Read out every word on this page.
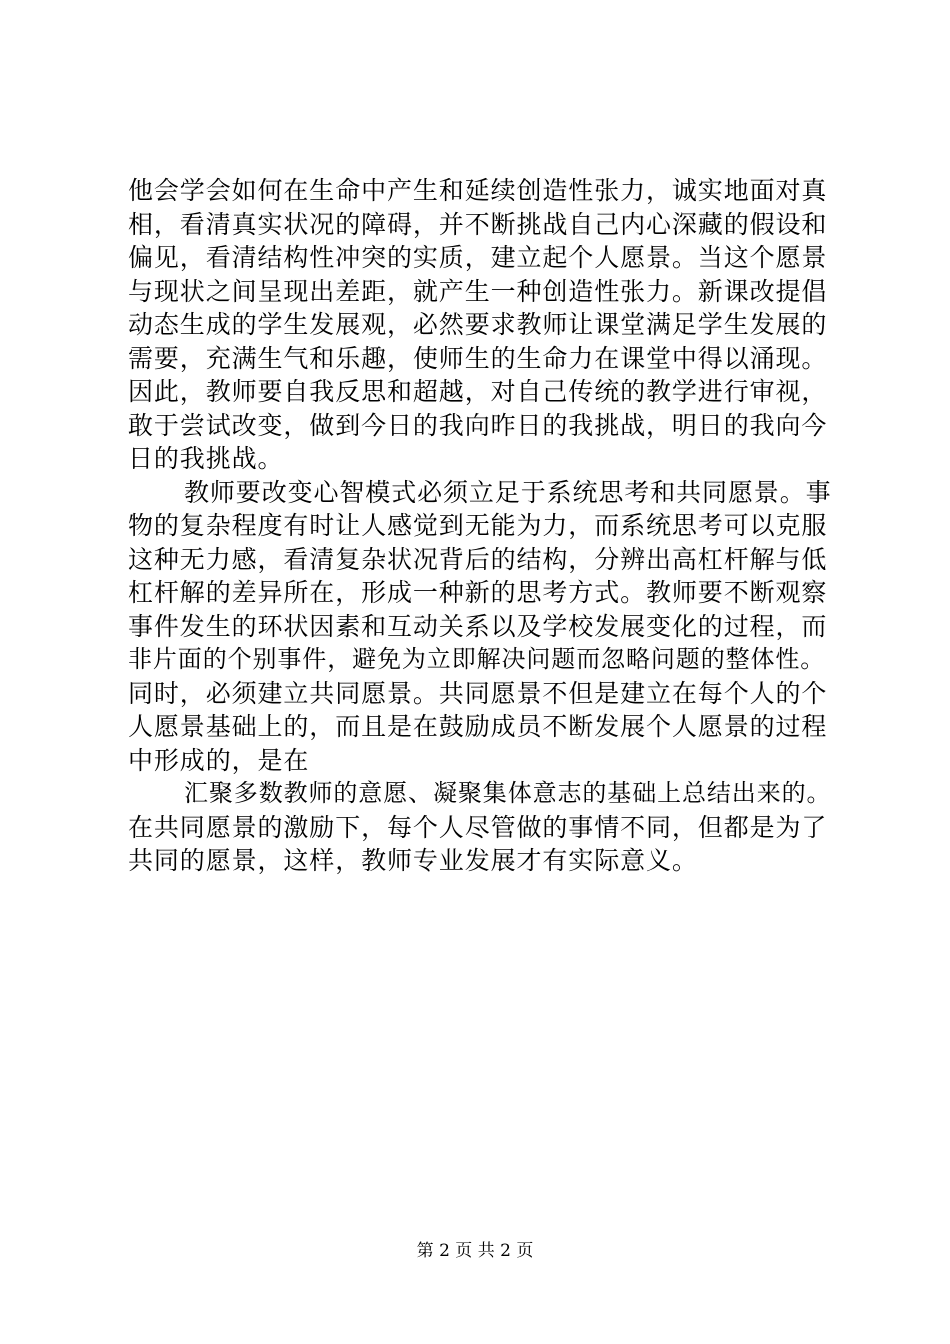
他会学会如何在生命中产生和延续创造性张力，诚实地面对真
相，看清真实状况的障碍，并不断挑战自己内心深藏的假设和
偏见，看清结构性冲突的实质，建立起个人愿景。当这个愿景
与现状之间呈现出差距，就产生一种创造性张力。新课改提倡
动态生成的学生发展观，必然要求教师让课堂满足学生发展的
需要，充满生气和乐趣，使师生的生命力在课堂中得以涌现。
因此，教师要自我反思和超越，对自己传统的教学进行审视，
敢于尝试改变，做到今日的我向昨日的我挑战，明日的我向今
日的我挑战。
教师要改变心智模式必须立足于系统思考和共同愿景。事
物的复杂程度有时让人感觉到无能为力，而系统思考可以克服
这种无力感，看清复杂状况背后的结构，分辨出高杠杆解与低
杠杆解的差异所在，形成一种新的思考方式。教师要不断观察
事件发生的环状因素和互动关系以及学校发展变化的过程，而
非片面的个别事件，避免为立即解决问题而忽略问题的整体性。
同时，必须建立共同愿景。共同愿景不但是建立在每个人的个
人愿景基础上的，而且是在鼓励成员不断发展个人愿景的过程
中形成的，是在
汇聚多数教师的意愿、凝聚集体意志的基础上总结出来的。
在共同愿景的激励下，每个人尽管做的事情不同，但都是为了
共同的愿景，这样，教师专业发展才有实际意义。
第 2 页 共 2 页
